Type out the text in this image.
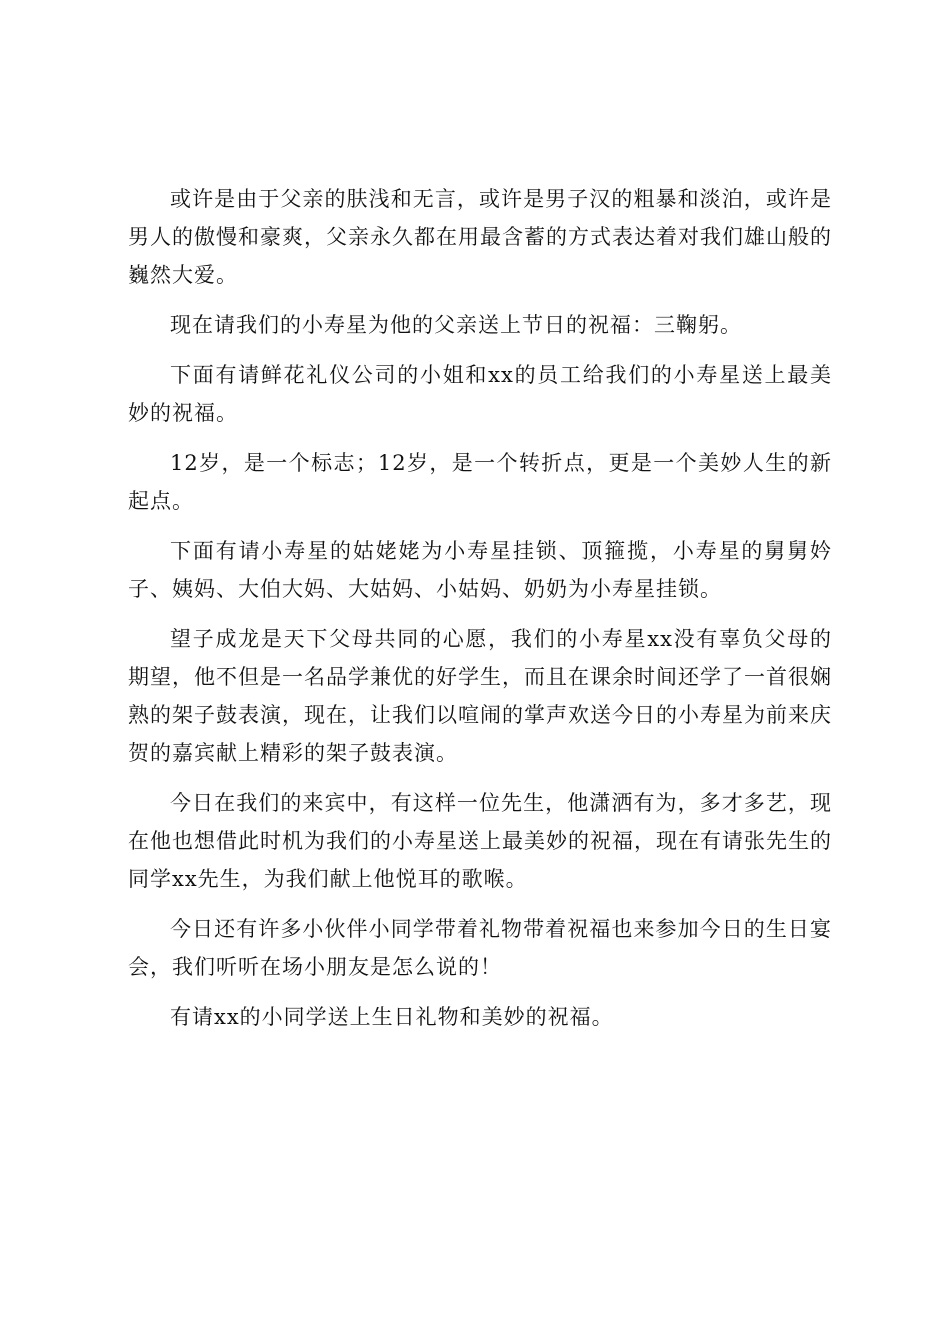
或许是由于父亲的肤浅和无言，或许是男子汉的粗暴和淡泊，或许是男人的傲慢和豪爽，父亲永久都在用最含蓄的方式表达着对我们雄山般的巍然大爱。

现在请我们的小寿星为他的父亲送上节日的祝福：三鞠躬。

下面有请鲜花礼仪公司的小姐和xx的员工给我们的小寿星送上最美妙的祝福。

12岁，是一个标志；12岁，是一个转折点，更是一个美妙人生的新起点。

下面有请小寿星的姑姥姥为小寿星挂锁、顶箍揽，小寿星的舅舅妗子、姨妈、大伯大妈、大姑妈、小姑妈、奶奶为小寿星挂锁。

望子成龙是天下父母共同的心愿，我们的小寿星xx没有辜负父母的期望，他不但是一名品学兼优的好学生，而且在课余时间还学了一首很娴熟的架子鼓表演，现在，让我们以喧闹的掌声欢送今日的小寿星为前来庆贺的嘉宾献上精彩的架子鼓表演。

今日在我们的来宾中，有这样一位先生，他潇洒有为，多才多艺，现在他也想借此时机为我们的小寿星送上最美妙的祝福，现在有请张先生的同学xx先生，为我们献上他悦耳的歌喉。

今日还有许多小伙伴小同学带着礼物带着祝福也来参加今日的生日宴会，我们听听在场小朋友是怎么说的！

有请xx的小同学送上生日礼物和美妙的祝福。
